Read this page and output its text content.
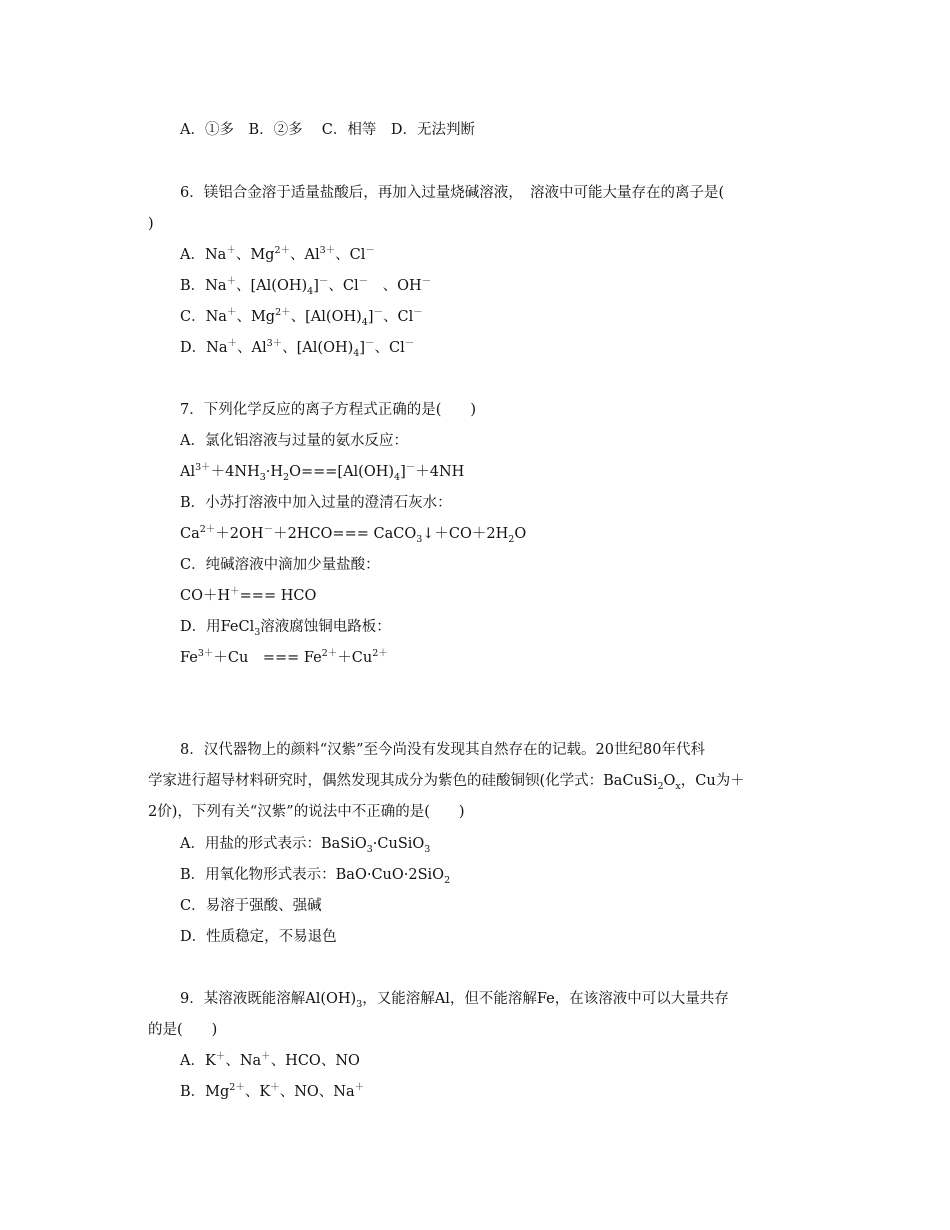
A．①多　B．②多　 C．相等　D．无法判断
6．镁铝合金溶于适量盐酸后，再加入过量烧碱溶液，　溶液中可能大量存在的离子是(
)
A．Na＋、$Mg^{2+}$、$Al^{3+}$、Cl－
B．Na＋、$[Al(OH)_4]^-$、Cl－　、OH－
C．Na＋、$Mg^{2+}$、$[Al(OH)_4]^-$、Cl－
D．Na＋、$Al^{3+}$、$[Al(OH)_4]^-$、Cl－
7．下列化学反应的离子方程式正确的是(　　)
A．氯化铝溶液与过量的氨水反应：
$Al^{3+}+4NH_3\cdot H_2O===[Al(OH)_4]^-+4NH$
B．小苏打溶液中加入过量的澄清石灰水：
$Ca^{2+}+2OH^-+2HCO===$ $CaCO_3↓+CO+2H_2O$
C．纯碱溶液中滴加少量盐酸：
CO＋H＋=== HCO
D．用FeCl$_3$溶液腐蚀铜电路板：
$Fe^{3+}+Cu$　=== $Fe^{2+}+Cu^{2+}$
8．汉代器物上的颜料“汉紫”至今尚没有发现其自然存在的记载。20世纪80年代科
学家进行超导材料研究时，偶然发现其成分为紫色的硅酸铜钡(化学式：$BaCuSi_2O_x$，Cu为＋
2价)，下列有关“汉紫”的说法中不正确的是(　　)
A．用盐的形式表示：BaSiO$_3$·CuSiO$_3$
B．用氧化物形式表示：BaO·CuO·2SiO$_2$
C．易溶于强酸、强碱
D．性质稳定，不易退色
9．某溶液既能溶解$Al(OH)_3$，又能溶解Al，但不能溶解Fe，在该溶液中可以大量共存
的是(　　)
A．K＋、Na＋、HCO、NO
B．$Mg^{2+}$、K＋、NO、Na＋
